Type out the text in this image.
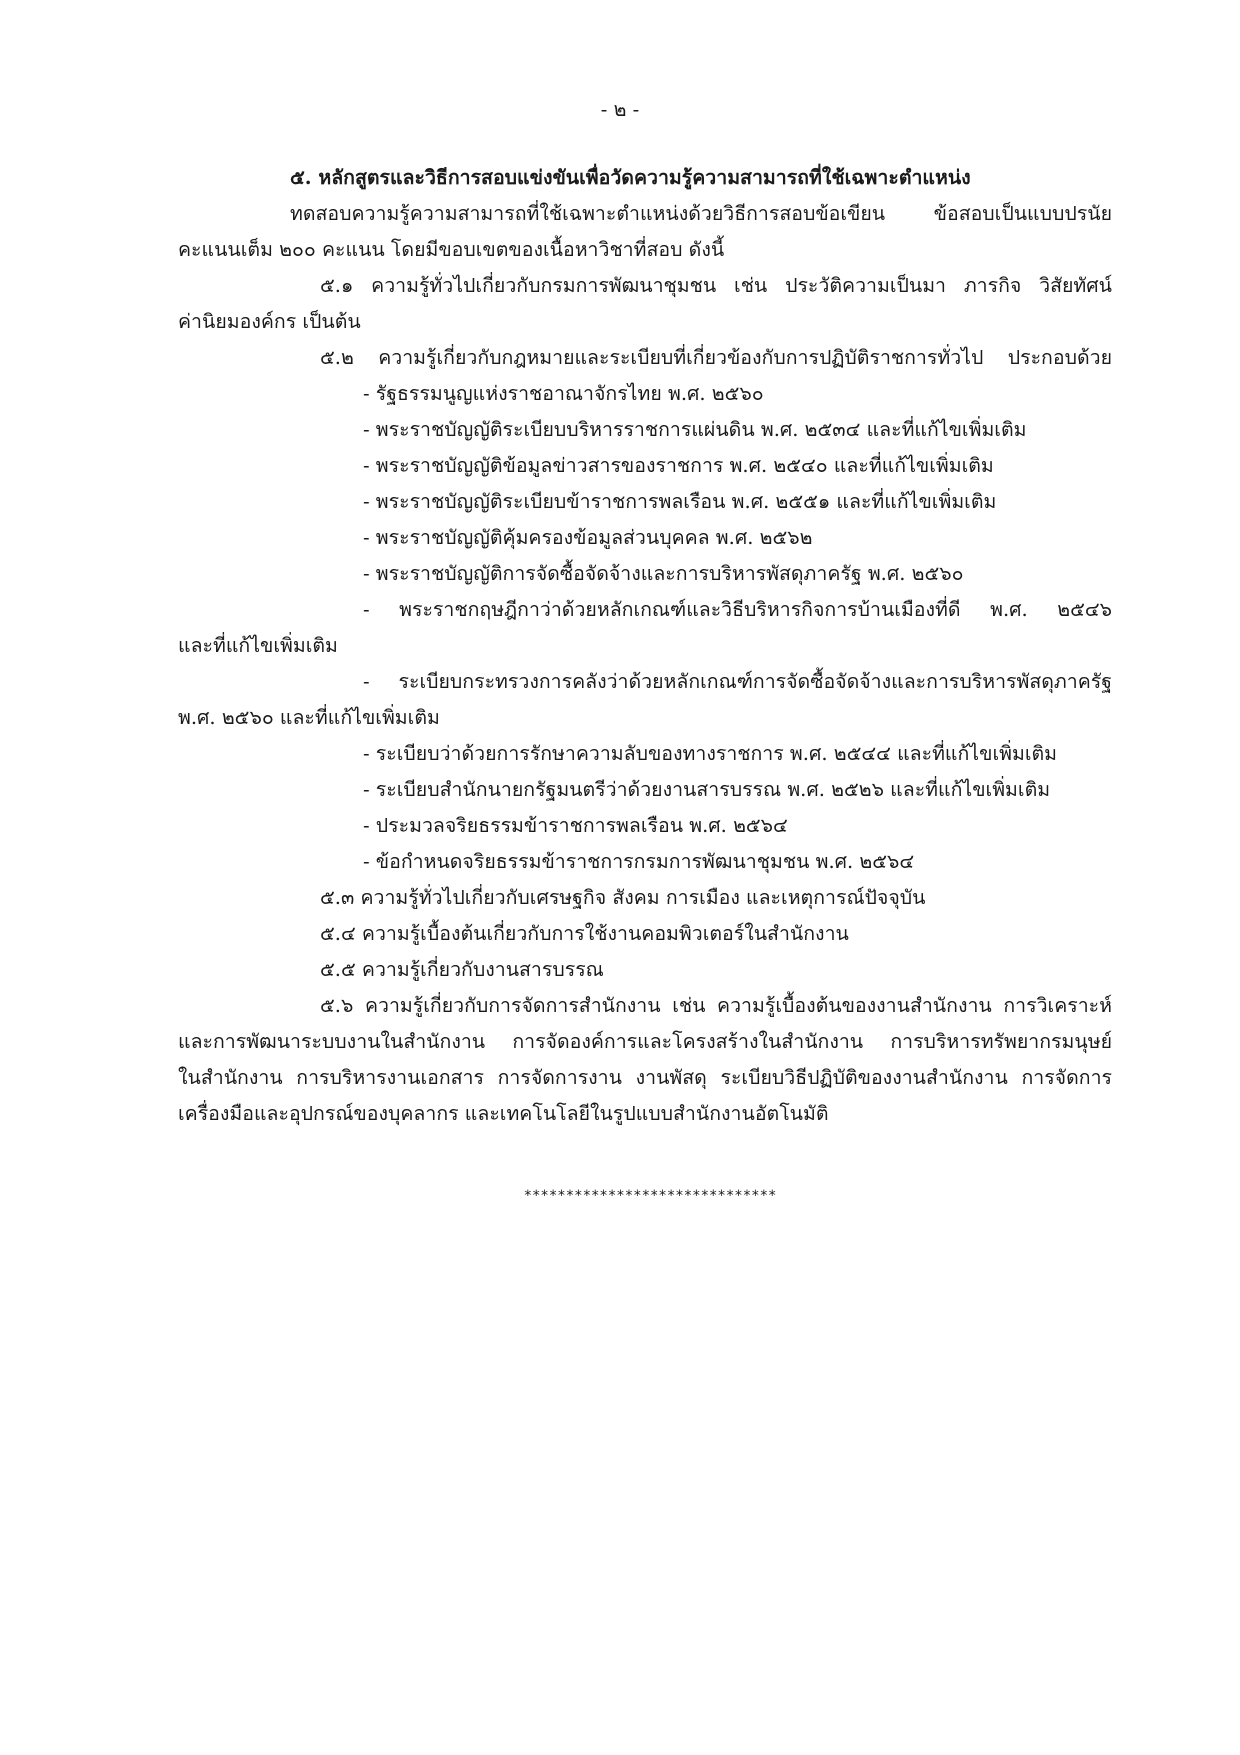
- ๒ -

๕. หลักสูตรและวิธีการสอบแข่งขันเพื่อวัดความรู้ความสามารถที่ใช้เฉพาะตำแหน่ง

ทดสอบความรู้ความสามารถที่ใช้เฉพาะตำแหน่งด้วยวิธีการสอบข้อเขียน ข้อสอบเป็นแบบปรนัย

คะแนนเต็ม ๒๐๐ คะแนน โดยมีขอบเขตของเนื้อหาวิชาที่สอบ ดังนี้

๕.๑ ความรู้ทั่วไปเกี่ยวกับกรมการพัฒนาชุมชน เช่น ประวัติความเป็นมา ภารกิจ วิสัยทัศน์

ค่านิยมองค์กร เป็นต้น

๕.๒ ความรู้เกี่ยวกับกฎหมายและระเบียบที่เกี่ยวข้องกับการปฏิบัติราชการทั่วไป ประกอบด้วย

- รัฐธรรมนูญแห่งราชอาณาจักรไทย พ.ศ. ๒๕๖๐

- พระราชบัญญัติระเบียบบริหารราชการแผ่นดิน พ.ศ. ๒๕๓๔ และที่แก้ไขเพิ่มเติม

- พระราชบัญญัติข้อมูลข่าวสารของราชการ พ.ศ. ๒๕๔๐ และที่แก้ไขเพิ่มเติม

- พระราชบัญญัติระเบียบข้าราชการพลเรือน พ.ศ. ๒๕๕๑ และที่แก้ไขเพิ่มเติม

- พระราชบัญญัติคุ้มครองข้อมูลส่วนบุคคล พ.ศ. ๒๕๖๒

- พระราชบัญญัติการจัดซื้อจัดจ้างและการบริหารพัสดุภาครัฐ พ.ศ. ๒๕๖๐

- พระราชกฤษฎีกาว่าด้วยหลักเกณฑ์และวิธีบริหารกิจการบ้านเมืองที่ดี พ.ศ. ๒๕๔๖

และที่แก้ไขเพิ่มเติม

- ระเบียบกระทรวงการคลังว่าด้วยหลักเกณฑ์การจัดซื้อจัดจ้างและการบริหารพัสดุภาครัฐ

พ.ศ. ๒๕๖๐ และที่แก้ไขเพิ่มเติม

- ระเบียบว่าด้วยการรักษาความลับของทางราชการ พ.ศ. ๒๕๔๔ และที่แก้ไขเพิ่มเติม

- ระเบียบสำนักนายกรัฐมนตรีว่าด้วยงานสารบรรณ พ.ศ. ๒๕๒๖ และที่แก้ไขเพิ่มเติม

- ประมวลจริยธรรมข้าราชการพลเรือน พ.ศ. ๒๕๖๔

- ข้อกำหนดจริยธรรมข้าราชการกรมการพัฒนาชุมชน พ.ศ. ๒๕๖๔

๕.๓ ความรู้ทั่วไปเกี่ยวกับเศรษฐกิจ สังคม การเมือง และเหตุการณ์ปัจจุบัน

๕.๔ ความรู้เบื้องต้นเกี่ยวกับการใช้งานคอมพิวเตอร์ในสำนักงาน

๕.๕ ความรู้เกี่ยวกับงานสารบรรณ

๕.๖ ความรู้เกี่ยวกับการจัดการสำนักงาน เช่น ความรู้เบื้องต้นของงานสำนักงาน การวิเคราะห์

และการพัฒนาระบบงานในสำนักงาน การจัดองค์การและโครงสร้างในสำนักงาน การบริหารทรัพยากรมนุษย์

ในสำนักงาน การบริหารงานเอกสาร การจัดการงาน งานพัสดุ ระเบียบวิธีปฏิบัติของงานสำนักงาน การจัดการ

เครื่องมือและอุปกรณ์ของบุคลากร และเทคโนโลยีในรูปแบบสำนักงานอัตโนมัติ

******************************
